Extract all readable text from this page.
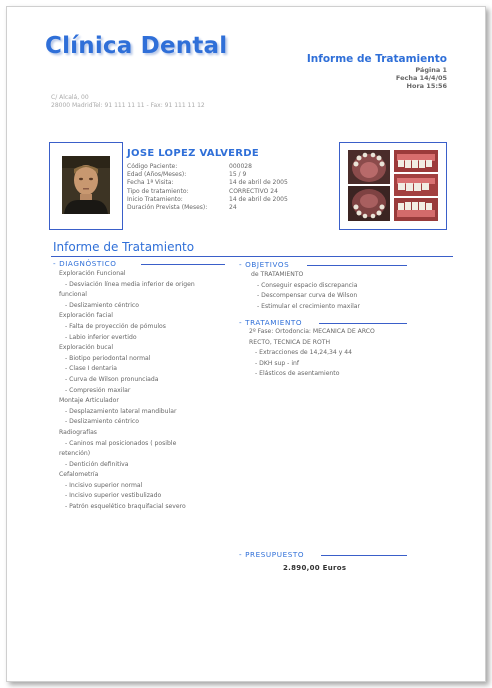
Clínica Dental	Informe de Tratamiento
Página 1
Fecha 14/4/05
Hora 15:56
C/ Alcalá, 00
28000 MadridTel: 91 111 11 11 - Fax: 91 111 11 12
JOSE LOPEZ VALVERDE
Código Paciente:	000028
Edad (Años/Meses):	15 / 9
Fecha 1ª Visita:	14 de abril de 2005
Tipo de tratamiento:	CORRECTIVO 24
Inicio Tratamiento:	14 de abril de 2005
Duración Prevista (Meses):	24
Informe de Tratamiento
- DIAGNÓSTICO
Exploración Funcional
- Desviación línea media inferior de origen
funcional
- Deslizamiento céntrico
Exploración facial
- Falta de proyección de pómulos
- Labio inferior evertido
Exploración bucal
- Biotipo periodontal normal
- Clase I dentaria
- Curva de Wilson pronunciada
- Compresión maxilar
Montaje Articulador
- Desplazamiento lateral mandibular
- Deslizamiento céntrico
Radiografías
- Caninos mal posicionados ( posible
retención)
- Dentición definitiva
Cefalometría
- Incisivo superior normal
- Incisivo superior vestibulizado
- Patrón esquelético braquifacial severo
- OBJETIVOS
de TRATAMIENTO
- Conseguir espacio discrepancia
- Descompensar curva de Wilson
- Estimular el crecimiento maxilar
- TRATAMIENTO
2º Fase: Ortodoncia: MECANICA DE ARCO
RECTO, TECNICA DE ROTH
- Extracciones de 14,24,34 y 44
- DKH sup - inf
- Elásticos de asentamiento
- PRESUPUESTO
2.890,00 Euros
